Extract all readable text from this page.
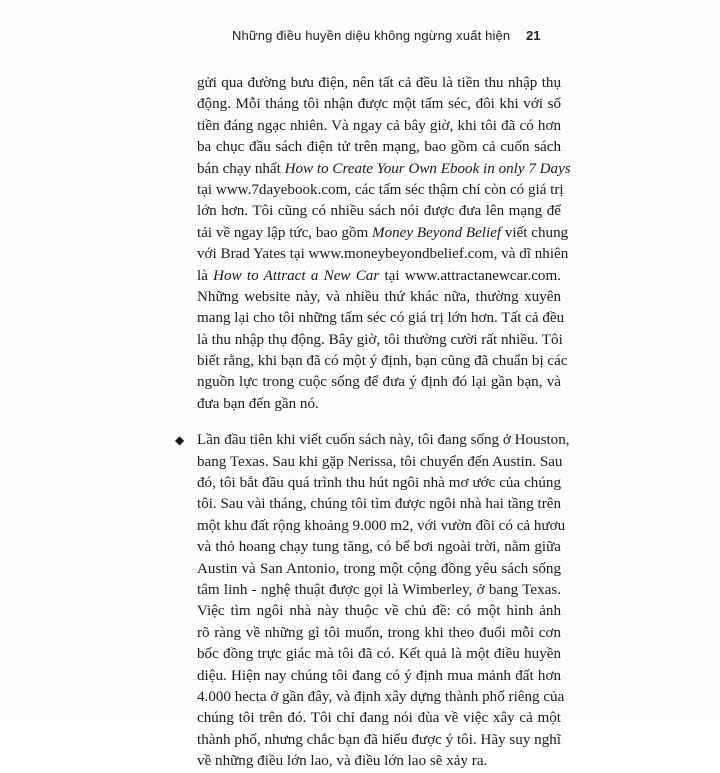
Những điều huyền diệu không ngừng xuất hiện 21
gửi qua đường bưu điện, nên tất cả đều là tiền thu nhập thụ
động. Mỗi tháng tôi nhận được một tấm séc, đôi khi với số
tiền đáng ngạc nhiên. Và ngay cả bây giờ, khi tôi đã có hơn
ba chục đầu sách điện tử trên mạng, bao gồm cả cuốn sách
bán chạy nhất How to Create Your Own Ebook in only 7 Days
tại www.7dayebook.com, các tấm séc thậm chí còn có giá trị
lớn hơn. Tôi cũng có nhiều sách nói được đưa lên mạng để
tải về ngay lập tức, bao gồm Money Beyond Belief viết chung
với Brad Yates tại www.moneybeyondbelief.com, và dĩ nhiên
là How to Attract a New Car tại www.attractanewcar.com.
Những website này, và nhiều thứ khác nữa, thường xuyên
mang lại cho tôi những tấm séc có giá trị lớn hơn. Tất cả đều
là thu nhập thụ động. Bây giờ, tôi thường cười rất nhiều. Tôi
biết rằng, khi bạn đã có một ý định, bạn cũng đã chuẩn bị các
nguồn lực trong cuộc sống để đưa ý định đó lại gần bạn, và
đưa bạn đến gần nó.
◆ Lần đầu tiên khi viết cuốn sách này, tôi đang sống ở Houston,
bang Texas. Sau khi gặp Nerissa, tôi chuyển đến Austin. Sau
đó, tôi bắt đầu quá trình thu hút ngôi nhà mơ ước của chúng
tôi. Sau vài tháng, chúng tôi tìm được ngôi nhà hai tầng trên
một khu đất rộng khoảng 9.000 m2, với vườn đồi có cả hươu
và thỏ hoang chạy tung tăng, có bể bơi ngoài trời, nằm giữa
Austin và San Antonio, trong một cộng đồng yêu sách sống
tâm linh - nghệ thuật được gọi là Wimberley, ở bang Texas.
Việc tìm ngôi nhà này thuộc về chủ đề: có một hình ảnh
rõ ràng về những gì tôi muốn, trong khi theo đuổi mỗi cơn
bốc đồng trực giác mà tôi đã có. Kết quả là một điều huyền
diệu. Hiện nay chúng tôi đang có ý định mua mảnh đất hơn
4.000 hecta ở gần đây, và định xây dựng thành phố riêng của
chúng tôi trên đó. Tôi chỉ đang nói đùa về việc xây cả một
thành phố, nhưng chắc bạn đã hiểu được ý tôi. Hãy suy nghĩ
về những điều lớn lao, và điều lớn lao sẽ xảy ra.
